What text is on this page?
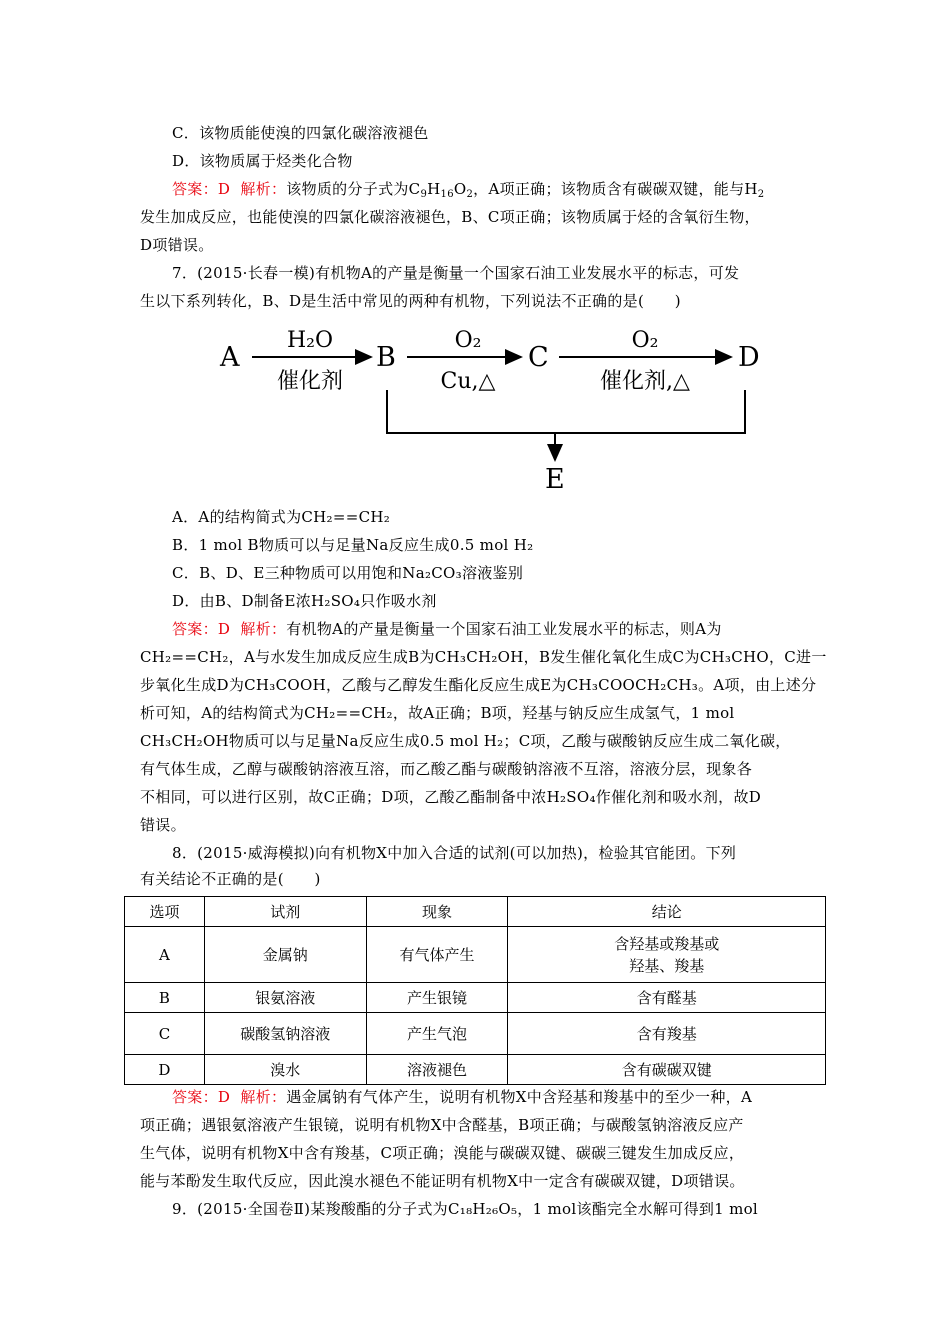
C．该物质能使溴的四氯化碳溶液褪色
D．该物质属于烃类化合物
答案：D 解析：该物质的分子式为$C_9H_{16}O_2$，A项正确；该物质含有碳碳双键，能与$H_2$
发生加成反应，也能使溴的四氯化碳溶液褪色，B、C项正确；该物质属于烃的含氧衍生物，
D项错误。
7．(2015·长春一模)有机物A的产量是衡量一个国家石油工业发展水平的标志，可发
生以下系列转化，B、D是生活中常见的两种有机物，下列说法不正确的是(　　)
A	B	C	D
E
H₂O
催化剂
O₂
Cu,△
O₂
催化剂,△
A．A的结构简式为CH₂==CH₂
B．1 mol B物质可以与足量Na反应生成0.5 mol H₂
C．B、D、E三种物质可以用饱和Na₂CO₃溶液鉴别
D．由B、D制备E浓H₂SO₄只作吸水剂
答案：D 解析：有机物A的产量是衡量一个国家石油工业发展水平的标志，则A为
CH₂==CH₂，A与水发生加成反应生成B为CH₃CH₂OH，B发生催化氧化生成C为CH₃CHO，C进一
步氧化生成D为CH₃COOH，乙酸与乙醇发生酯化反应生成E为CH₃COOCH₂CH₃。A项，由上述分
析可知，A的结构简式为CH₂==CH₂，故A正确；B项，羟基与钠反应生成氢气，1 mol
CH₃CH₂OH物质可以与足量Na反应生成0.5 mol H₂；C项，乙酸与碳酸钠反应生成二氧化碳，
有气体生成，乙醇与碳酸钠溶液互溶，而乙酸乙酯与碳酸钠溶液不互溶，溶液分层，现象各
不相同，可以进行区别，故C正确；D项，乙酸乙酯制备中浓H₂SO₄作催化剂和吸水剂，故D
错误。
8．(2015·威海模拟)向有机物X中加入合适的试剂(可以加热)，检验其官能团。下列
有关结论不正确的是(　　)
选项	试剂	现象	结论
A	金属钠	有气体产生	含羟基或羧基或
羟基、羧基

B	银氨溶液	产生银镜	含有醛基
C	碳酸氢钠溶液	产生气泡	含有羧基
D	溴水	溶液褪色	含有碳碳双键
答案：D 解析：遇金属钠有气体产生，说明有机物X中含羟基和羧基中的至少一种，A
项正确；遇银氨溶液产生银镜，说明有机物X中含醛基，B项正确；与碳酸氢钠溶液反应产
生气体，说明有机物X中含有羧基，C项正确；溴能与碳碳双键、碳碳三键发生加成反应，
能与苯酚发生取代反应，因此溴水褪色不能证明有机物X中一定含有碳碳双键，D项错误。
9．(2015·全国卷Ⅱ)某羧酸酯的分子式为C₁₈H₂₆O₅，1 mol该酯完全水解可得到1 mol
